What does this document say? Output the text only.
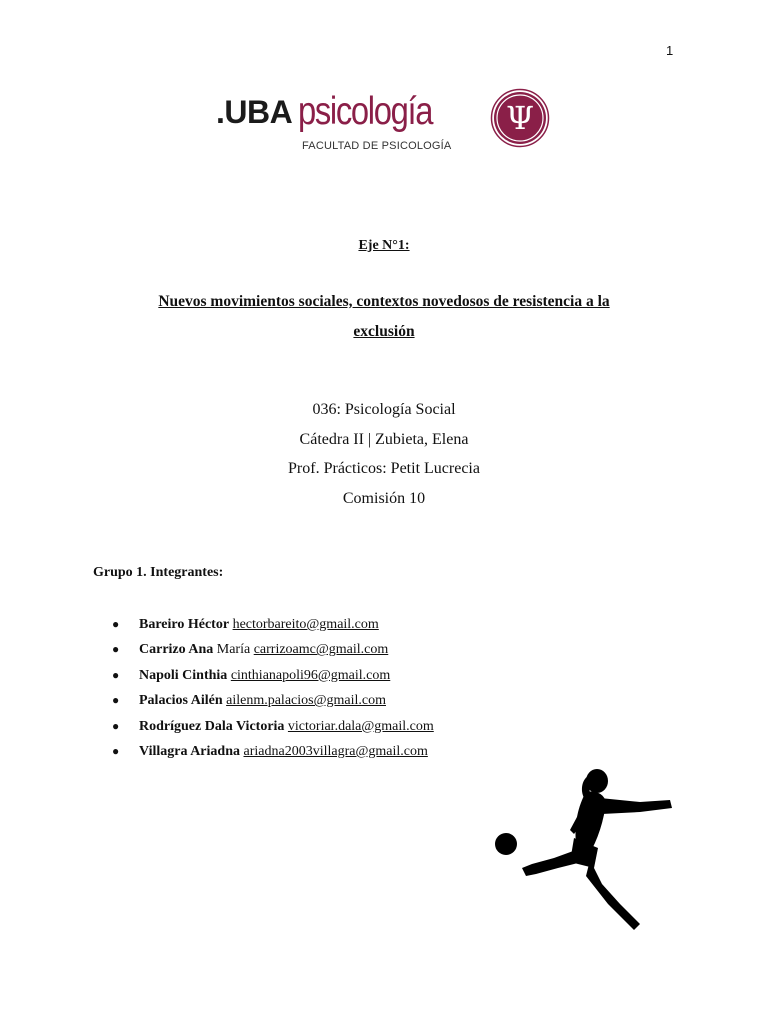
1
.UBA psicología
FACULTAD DE PSICOLOGÍA
Ψ
Eje N°1:
Nuevos movimientos sociales, contextos novedosos de resistencia a la
exclusión
036: Psicología Social
Cátedra II | Zubieta, Elena
Prof. Prácticos: Petit Lucrecia
Comisión 10
Grupo 1. Integrantes:
● Bareiro Héctor hectorbareito@gmail.com
● Carrizo Ana María carrizoamc@gmail.com
● Napoli Cinthia cinthianapoli96@gmail.com
● Palacios Ailén ailenm.palacios@gmail.com
● Rodríguez Dala Victoria victoriar.dala@gmail.com
● Villagra Ariadna ariadna2003villagra@gmail.com
